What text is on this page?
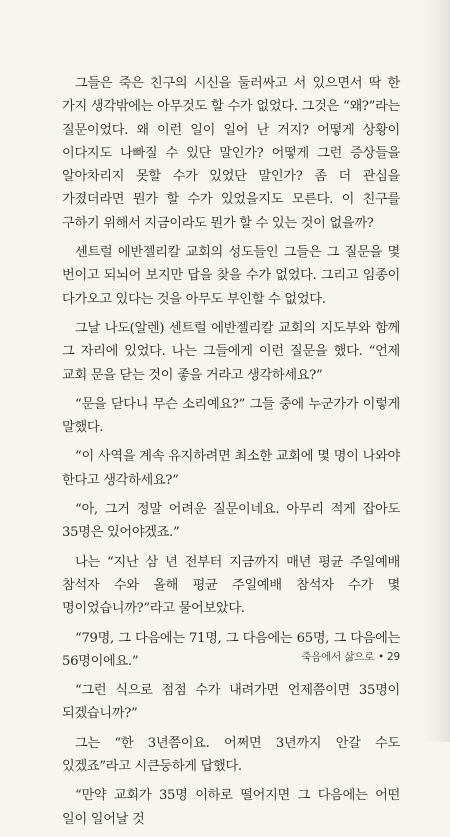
그들은 죽은 친구의 시신을 둘러싸고 서 있으면서 딱 한 가지 생각밖에는 아무것도 할 수가 없었다. 그것은 “왜?”라는 질문이었다. 왜 이런 일이 일어 난 거지? 어떻게 상황이 이다지도 나빠질 수 있단 말인가? 어떻게 그런 증상들을 알아차리지 못할 수가 있었단 말인가? 좀 더 관심을 가졌더라면 뭔가 할 수가 있었을지도 모른다. 이 친구를 구하기 위해서 지금이라도 뭔가 할 수 있는 것이 없을까?

센트럴 에반젤리칼 교회의 성도들인 그들은 그 질문을 몇 번이고 되뇌어 보지만 답을 찾을 수가 없었다. 그리고 임종이 다가오고 있다는 것을 아무도 부인할 수 없었다.

그날 나도(알렌) 센트럴 에반젤리칼 교회의 지도부와 함께 그 자리에 있었다. 나는 그들에게 이런 질문을 했다. “언제 교회 문을 닫는 것이 좋을 거라고 생각하세요?”

“문을 닫다니 무슨 소리예요?” 그들 중에 누군가가 이렇게 말했다.

“이 사역을 계속 유지하려면 최소한 교회에 몇 명이 나와야 한다고 생각하세요?”

“아, 그거 정말 어려운 질문이네요. 아무리 적게 잡아도 35명은 있어야겠죠.”

나는 “지난 삼 년 전부터 지금까지 매년 평균 주일예배 참석자 수와 올해 평균 주일예배 참석자 수가 몇 명이었습니까?”라고 물어보았다.

“79명, 그 다음에는 71명, 그 다음에는 65명, 그 다음에는 56명이에요.”

“그런 식으로 점점 수가 내려가면 언제쯤이면 35명이 되겠습니까?”

그는 “한 3년쯤이요. 어쩌면 3년까지 안갈 수도 있겠죠”라고 시큰둥하게 답했다.

“만약 교회가 35명 이하로 떨어지면 그 다음에는 어떤 일이 일어날 것

죽음에서 삶으로 • 29
